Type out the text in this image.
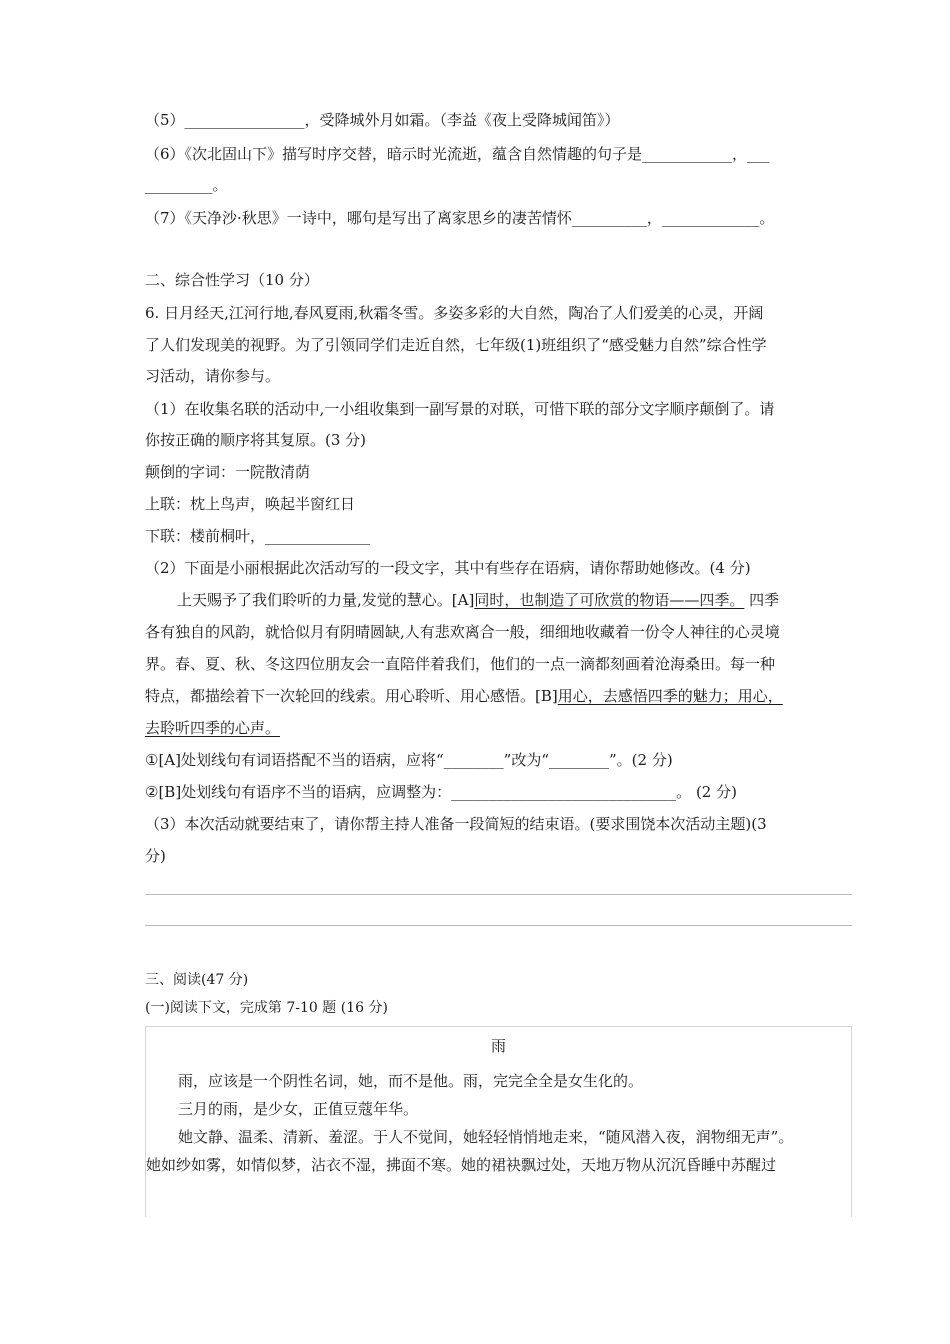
（5）________________，受降城外月如霜。（李益《夜上受降城闻笛》）
（6）《次北固山下》描写时序交替，暗示时光流逝，蕴含自然情趣的句子是____________，___
_________。
（7）《天净沙·秋思》一诗中，哪句是写出了离家思乡的凄苦情怀__________，_____________。
二、综合性学习（10 分）
6. 日月经天,江河行地,春风夏雨,秋霜冬雪。多姿多彩的大自然，陶冶了人们爱美的心灵，开阔
了人们发现美的视野。为了引领同学们走近自然，七年级(1)班组织了“感受魅力自然”综合性学
习活动，请你参与。
（1）在收集名联的活动中,一小组收集到一副写景的对联，可惜下联的部分文字顺序颠倒了。请
你按正确的顺序将其复原。(3 分)
颠倒的字词：一院散清荫
上联：枕上鸟声，唤起半窗红日
下联：楼前桐叶，______________
（2）下面是小丽根据此次活动写的一段文字，其中有些存在语病，请你帮助她修改。(4 分)
上天赐予了我们聆听的力量,发觉的慧心。[A]同时，也制造了可欣赏的物语——四季。 四季
各有独自的风韵，就恰似月有阴晴圆缺,人有悲欢离合一般，细细地收藏着一份令人神往的心灵境
界。春、夏、秋、冬这四位朋友会一直陪伴着我们，他们的一点一滴都刻画着沧海桑田。每一种
特点，都描绘着下一次轮回的线索。用心聆听、用心感悟。[B]用心，去感悟四季的魅力；用心，
去聆听四季的心声。
①[A]处划线句有词语搭配不当的语病，应将“________”改为“________”。(2 分)
②[B]处划线句有语序不当的语病，应调整为：______________________________。 (2 分)
（3）本次活动就要结束了，请你帮主持人准备一段简短的结束语。(要求围饶本次活动主题)(3
分)
三、阅读(47 分)
(一)阅读下文，完成第 7-10 题 (16 分)
雨
雨，应该是一个阴性名词，她，而不是他。雨，完完全全是女生化的。
三月的雨，是少女，正值豆蔻年华。
她文静、温柔、清新、羞涩。于人不觉间，她轻轻悄悄地走来，“随风潜入夜，润物细无声”。
她如纱如雾，如情似梦，沾衣不湿，拂面不寒。她的裙袂飘过处，天地万物从沉沉昏睡中苏醒过
